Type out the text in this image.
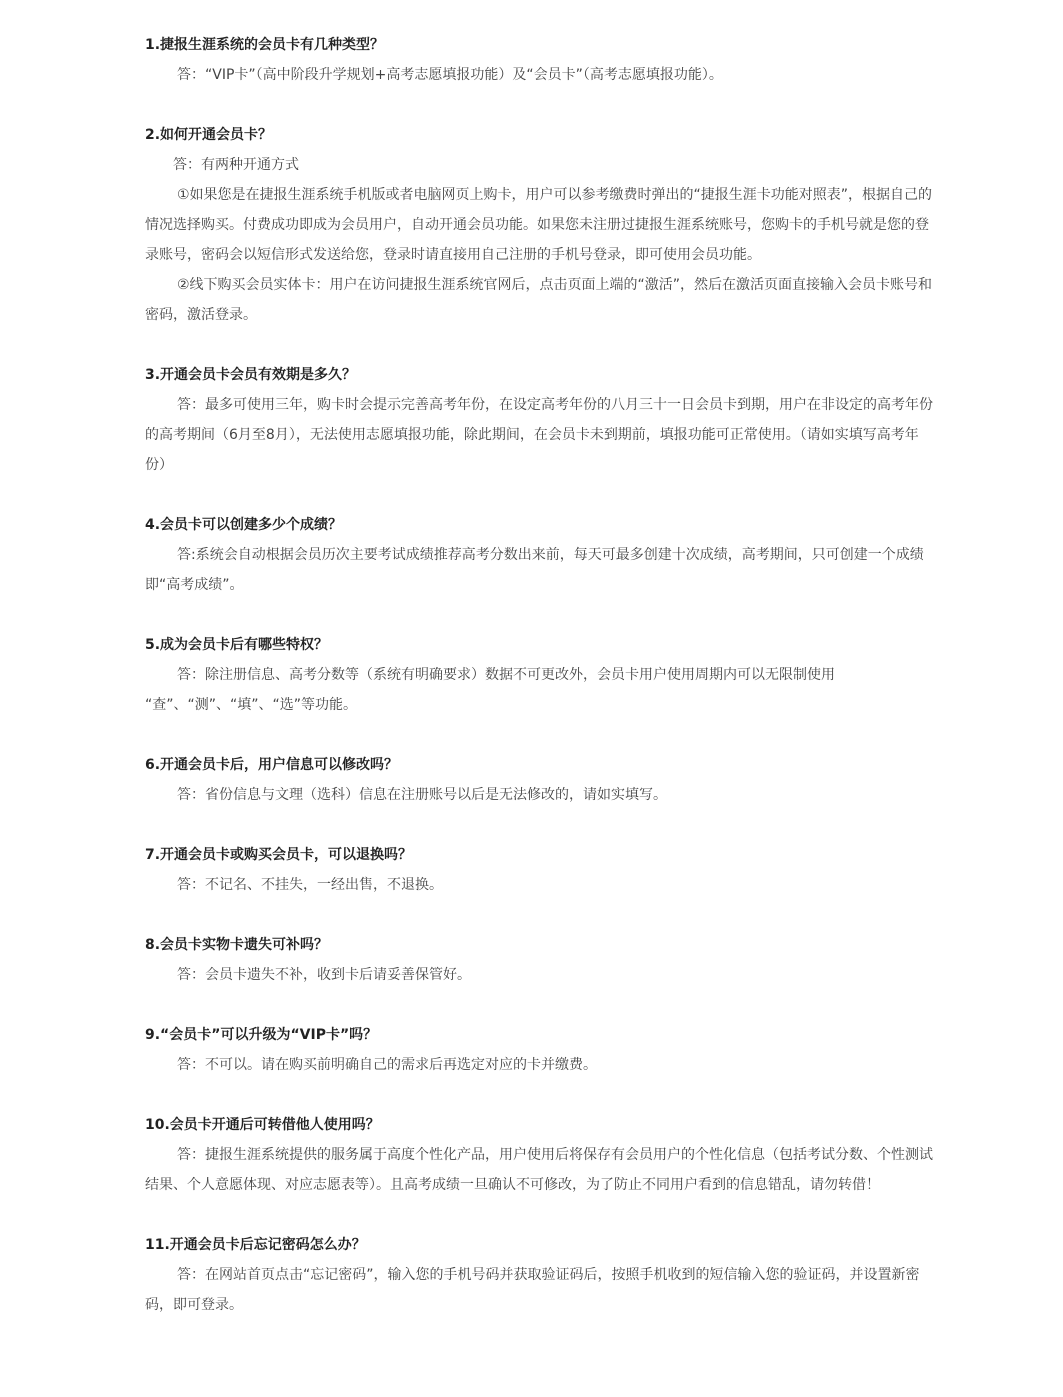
1.捷报生涯系统的会员卡有几种类型？

答：“VIP卡”（高中阶段升学规划+高考志愿填报功能）及“会员卡”（高考志愿填报功能）。

2.如何开通会员卡？

答：有两种开通方式

①如果您是在捷报生涯系统手机版或者电脑网页上购卡，用户可以参考缴费时弹出的“捷报生涯卡功能对照表”，根据自己的情况选择购买。付费成功即成为会员用户，自动开通会员功能。如果您未注册过捷报生涯系统账号，您购卡的手机号就是您的登录账号，密码会以短信形式发送给您，登录时请直接用自己注册的手机号登录，即可使用会员功能。

②线下购买会员实体卡：用户在访问捷报生涯系统官网后，点击页面上端的“激活”，然后在激活页面直接输入会员卡账号和密码，激活登录。

3.开通会员卡会员有效期是多久？

答：最多可使用三年，购卡时会提示完善高考年份，在设定高考年份的八月三十一日会员卡到期，用户在非设定的高考年份的高考期间（6月至8月），无法使用志愿填报功能，除此期间，在会员卡未到期前，填报功能可正常使用。（请如实填写高考年份）

4.会员卡可以创建多少个成绩？

答:系统会自动根据会员历次主要考试成绩推荐高考分数出来前，每天可最多创建十次成绩，高考期间，只可创建一个成绩即“高考成绩”。

5.成为会员卡后有哪些特权？

答：除注册信息、高考分数等（系统有明确要求）数据不可更改外，会员卡用户使用周期内可以无限制使用

“查”、“测”、“填”、“选”等功能。

6.开通会员卡后，用户信息可以修改吗？

答：省份信息与文理（选科）信息在注册账号以后是无法修改的，请如实填写。

7.开通会员卡或购买会员卡，可以退换吗？

答：不记名、不挂失，一经出售，不退换。

8.会员卡实物卡遗失可补吗？

答：会员卡遗失不补，收到卡后请妥善保管好。

9.“会员卡”可以升级为“VIP卡”吗？

答：不可以。请在购买前明确自己的需求后再选定对应的卡并缴费。

10.会员卡开通后可转借他人使用吗？

答：捷报生涯系统提供的服务属于高度个性化产品，用户使用后将保存有会员用户的个性化信息（包括考试分数、个性测试结果、个人意愿体现、对应志愿表等）。且高考成绩一旦确认不可修改，为了防止不同用户看到的信息错乱，请勿转借！

11.开通会员卡后忘记密码怎么办？

答：在网站首页点击“忘记密码”，输入您的手机号码并获取验证码后，按照手机收到的短信输入您的验证码，并设置新密码，即可登录。
